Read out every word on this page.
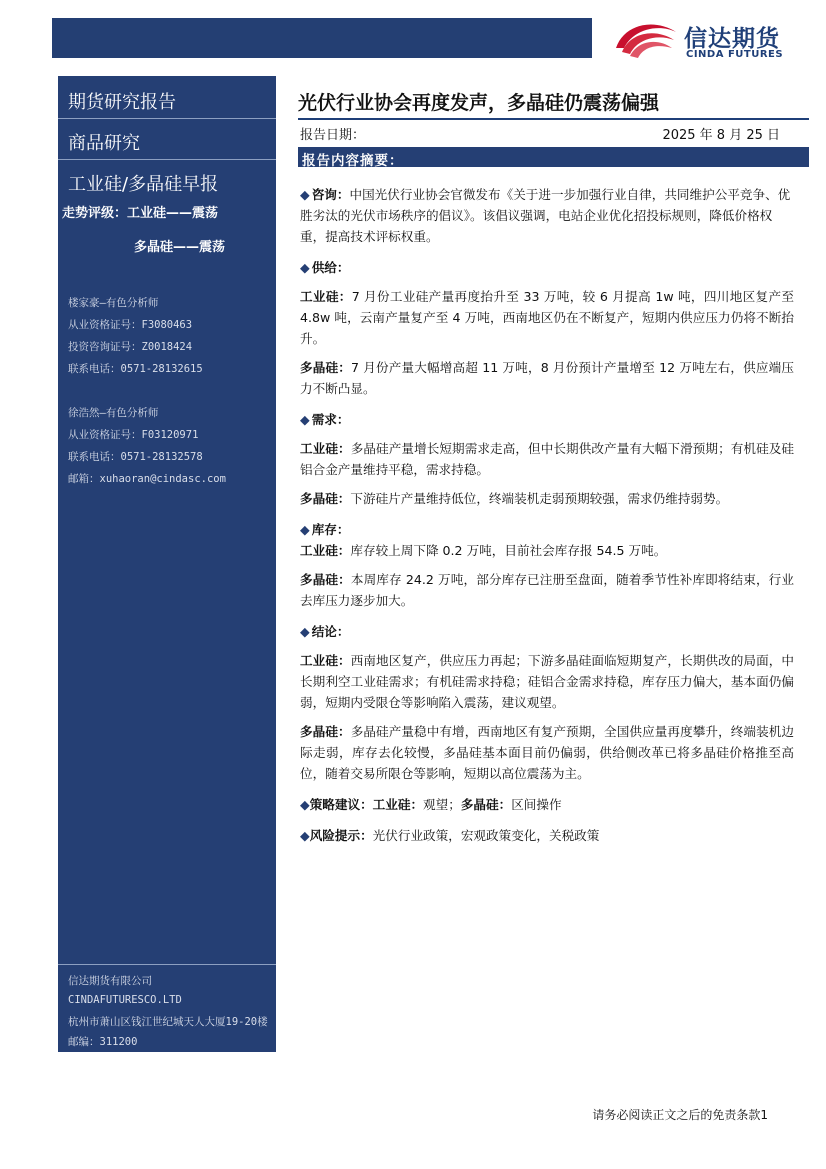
信达期货
CINDA FUTURES
期货研究报告
商品研究
工业硅/多晶硅早报
走势评级：工业硅——震荡
多晶硅——震荡
楼家豪—有色分析师
从业资格证号：F3080463
投资咨询证号：Z0018424
联系电话：0571-28132615
徐浩然—有色分析师
从业资格证号：F03120971
联系电话：0571-28132578
邮箱：xuhaoran@cindasc.com
信达期货有限公司
CINDAFUTURESCO.LTD
杭州市萧山区钱江世纪城天人大厦19-20楼
邮编：311200
光伏行业协会再度发声，多晶硅仍震荡偏强
报告日期：	2025 年 8 月 25 日
报告内容摘要：
◆ 咨询：中国光伏行业协会官微发布《关于进一步加强行业自律，共同维护公平竞争、优胜劣汰的光伏市场秩序的倡议》。该倡议强调，电站企业优化招投标规则，降低价格权重，提高技术评标权重。
◆ 供给：
工业硅：7 月份工业硅产量再度抬升至 33 万吨，较 6 月提高 1w 吨，四川地区复产至 4.8w 吨，云南产量复产至 4 万吨，西南地区仍在不断复产，短期内供应压力仍将不断抬升。
多晶硅：7 月份产量大幅增高超 11 万吨，8 月份预计产量增至 12 万吨左右，供应端压力不断凸显。
◆ 需求：
工业硅：多晶硅产量增长短期需求走高，但中长期供改产量有大幅下滑预期；有机硅及硅铝合金产量维持平稳，需求持稳。
多晶硅：下游硅片产量维持低位，终端装机走弱预期较强，需求仍维持弱势。
◆ 库存：
工业硅：库存较上周下降 0.2 万吨，目前社会库存报 54.5 万吨。
多晶硅：本周库存 24.2 万吨，部分库存已注册至盘面，随着季节性补库即将结束，行业去库压力逐步加大。
◆ 结论：
工业硅：西南地区复产，供应压力再起；下游多晶硅面临短期复产，长期供改的局面，中长期利空工业硅需求；有机硅需求持稳；硅铝合金需求持稳，库存压力偏大，基本面仍偏弱，短期内受限仓等影响陷入震荡，建议观望。
多晶硅：多晶硅产量稳中有增，西南地区有复产预期，全国供应量再度攀升，终端装机边际走弱，库存去化较慢，多晶硅基本面目前仍偏弱，供给侧改革已将多晶硅价格推至高位，随着交易所限仓等影响，短期以高位震荡为主。
◆策略建议：工业硅：观望；多晶硅：区间操作
◆风险提示：光伏行业政策，宏观政策变化，关税政策
请务必阅读正文之后的免责条款1
